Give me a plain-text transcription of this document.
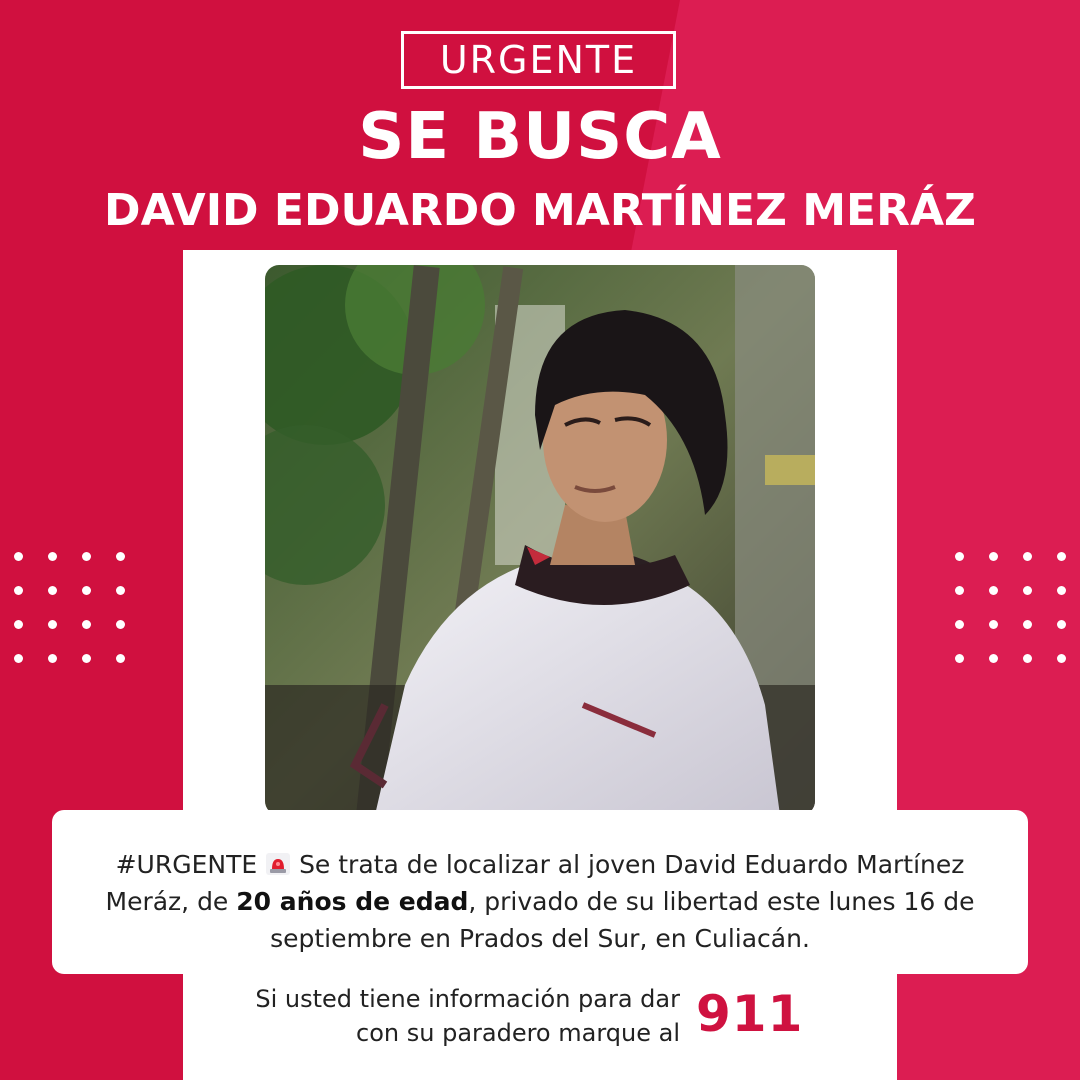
URGENTE
SE BUSCA
DAVID EDUARDO MARTÍNEZ MERÁZ
#URGENTE Se trata de localizar al joven David Eduardo Martínez Meráz, de 20 años de edad, privado de su libertad este lunes 16 de septiembre en Prados del Sur, en Culiacán.
Si usted tiene información para dar con su paradero marque al 911
